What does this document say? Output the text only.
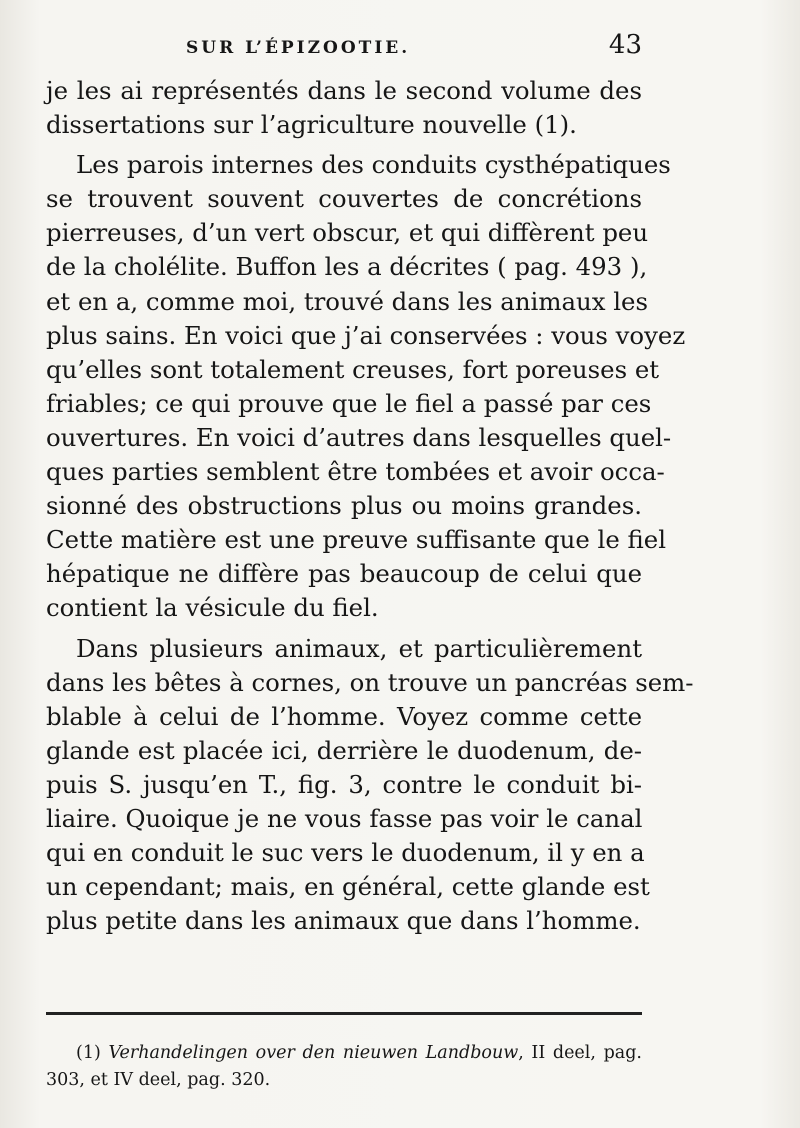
SUR L’ÉPIZOOTIE.	43
je les ai représentés dans le second volume des
dissertations sur l’agriculture nouvelle (1).
Les parois internes des conduits cysthépatiques
se trouvent souvent couvertes de concrétions
pierreuses, d’un vert obscur, et qui diffèrent peu
de la cholélite. Buffon les a décrites ( pag. 493 ),
et en a, comme moi, trouvé dans les animaux les
plus sains. En voici que j’ai conservées : vous voyez
qu’elles sont totalement creuses, fort poreuses et
friables; ce qui prouve que le fiel a passé par ces
ouvertures. En voici d’autres dans lesquelles quel-
ques parties semblent être tombées et avoir occa-
sionné des obstructions plus ou moins grandes.
Cette matière est une preuve suffisante que le fiel
hépatique ne diffère pas beaucoup de celui que
contient la vésicule du fiel.
Dans plusieurs animaux, et particulièrement
dans les bêtes à cornes, on trouve un pancréas sem-
blable à celui de l’homme. Voyez comme cette
glande est placée ici, derrière le duodenum, de-
puis S. jusqu’en T., fig. 3, contre le conduit bi-
liaire. Quoique je ne vous fasse pas voir le canal
qui en conduit le suc vers le duodenum, il y en a
un cependant; mais, en général, cette glande est
plus petite dans les animaux que dans l’homme.
(1) Verhandelingen over den nieuwen Landbouw, II deel, pag.
303, et IV deel, pag. 320.
